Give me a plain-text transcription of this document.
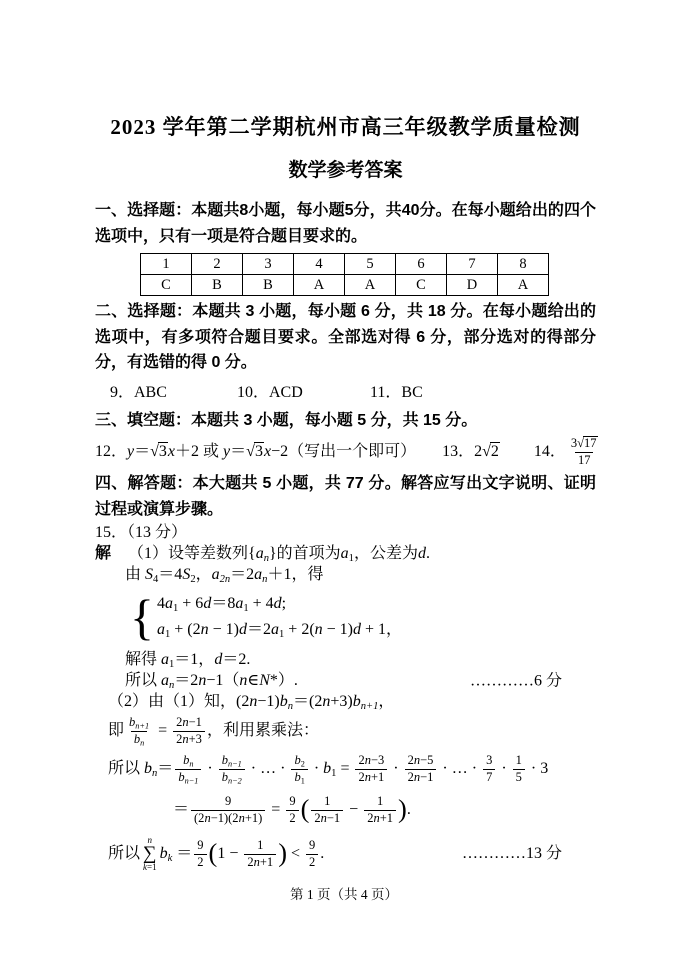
2023 学年第二学期杭州市高三年级教学质量检测
数学参考答案

一、选择题：本题共8小题，每小题5分，共40分。在每小题给出的四个选项中，只有一项是符合题目要求的。

1	2	3	4	5	6	7	8
C	B	B	A	A	C	D	A

二、选择题：本题共 3 小题，每小题 6 分，共 18 分。在每小题给出的选项中，有多项符合题目要求。全部选对得 6 分，部分选对的得部分分，有选错的得 0 分。

9．ABC	10．ACD	11．BC

三、填空题：本题共 3 小题，每小题 5 分，共 15 分。

12．y＝√3x＋2 或 y＝√3x−2（写出一个即可） 13．2√2 14． $\frac{3√17}{17}$

四、解答题：本大题共 5 小题，共 77 分。解答应写出文字说明、证明过程或演算步骤。

15．（13 分）

解 （1）设等差数列$\{a_n\}$的首项为$a_1$，公差为d.

由 $S_4=4S_2$，$a_{2n}=2a_n+1$，得

{ $4a_1 + 6d=8a_1 + 4d$;
$a_1 + (2n - 1)d=2a_1 + 2(n - 1)d + 1$，

解得 $a_1=1$，d＝2.

所以 $a_n=2n-1(n\in N*)$.	…………6 分

（2）由（1）知，$(2n-1)b_n=(2n+3)b_{n+1}$，

即 $\frac{b_{n+1}}{b_n} = \frac{2n-1}{2n+3}$ ，利用累乘法：

所以 $b_n= \frac{b_n}{b_{n-1}} \cdot \frac{b_{n-1}}{b_{n-2}}$ · … · $\frac{b_2}{b_1} \cdot b_1 = \frac{2n-3}{2n+1} \cdot \frac{2n-5}{2n-1}$ · … · $\frac{3}{7} \cdot \frac{1}{5} \cdot 3$

＝ $\frac{9}{(2n-1)(2n+1)} = \frac{9}{2}$ ( $\frac{1}{2n-1} - \frac{1}{2n+1}$ ).

所以
n
∑
k=1
$b_k = \frac{9}{2} (1 - \frac{1}{2n+1}$ ) < $\frac{9}{2}$ .	…………13 分

第 1 页（共 4 页）
